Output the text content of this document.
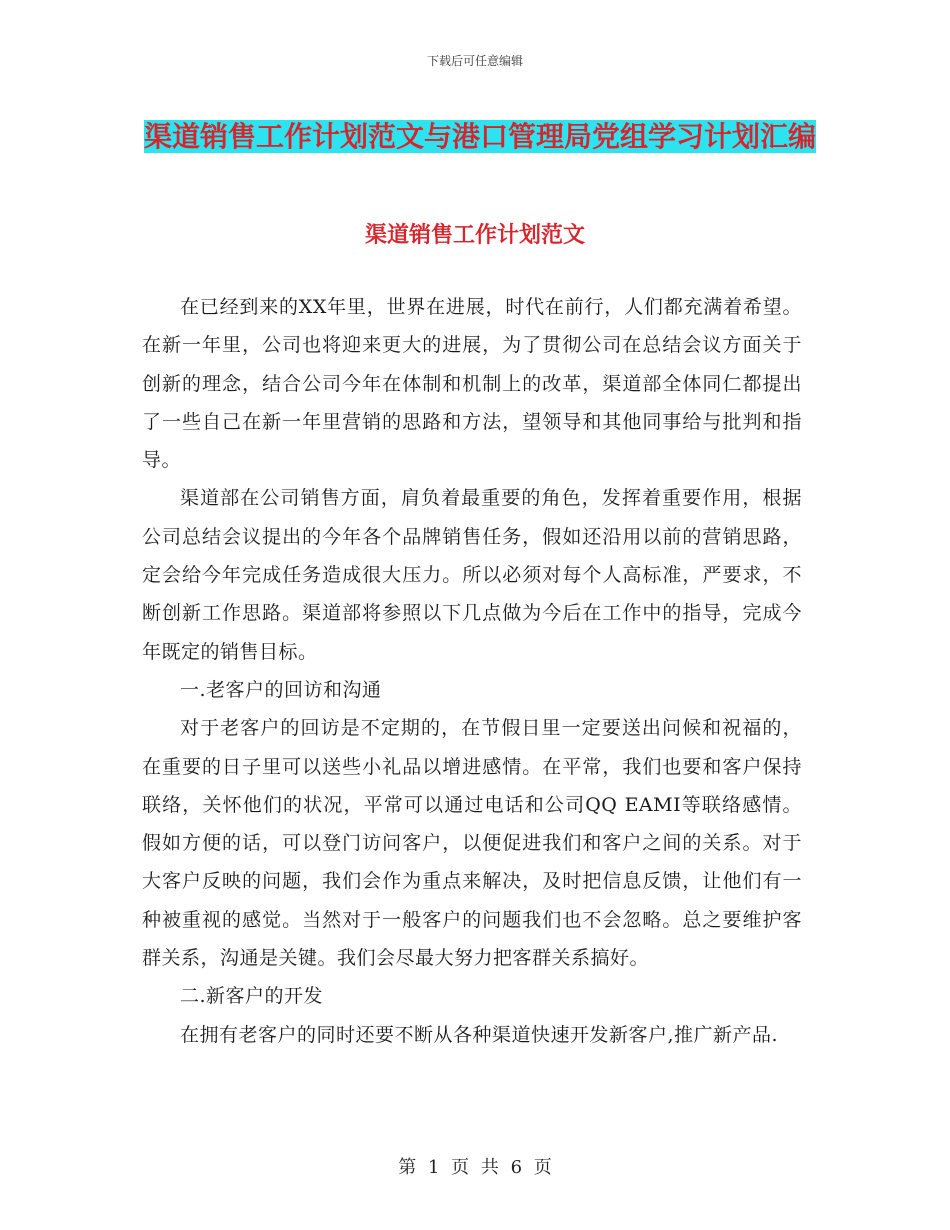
下载后可任意编辑
渠道销售工作计划范文与港口管理局党组学习计划汇编
渠道销售工作计划范文

在已经到来的XX年里，世界在进展，时代在前行，人们都充满着希望。在新一年里，公司也将迎来更大的进展，为了贯彻公司在总结会议方面关于创新的理念，结合公司今年在体制和机制上的改革，渠道部全体同仁都提出了一些自己在新一年里营销的思路和方法，望领导和其他同事给与批判和指导。

渠道部在公司销售方面，肩负着最重要的角色，发挥着重要作用，根据公司总结会议提出的今年各个品牌销售任务，假如还沿用以前的营销思路，定会给今年完成任务造成很大压力。所以必须对每个人高标准，严要求，不断创新工作思路。渠道部将参照以下几点做为今后在工作中的指导，完成今年既定的销售目标。

一.老客户的回访和沟通

对于老客户的回访是不定期的，在节假日里一定要送出问候和祝福的，在重要的日子里可以送些小礼品以增进感情。在平常，我们也要和客户保持联络，关怀他们的状况，平常可以通过电话和公司QQ EAMI等联络感情。假如方便的话，可以登门访问客户，以便促进我们和客户之间的关系。对于大客户反映的问题，我们会作为重点来解决，及时把信息反馈，让他们有一种被重视的感觉。当然对于一般客户的问题我们也不会忽略。总之要维护客群关系，沟通是关键。我们会尽最大努力把客群关系搞好。

二.新客户的开发

在拥有老客户的同时还要不断从各种渠道快速开发新客户,推广新产品.

第 1 页 共 6 页
